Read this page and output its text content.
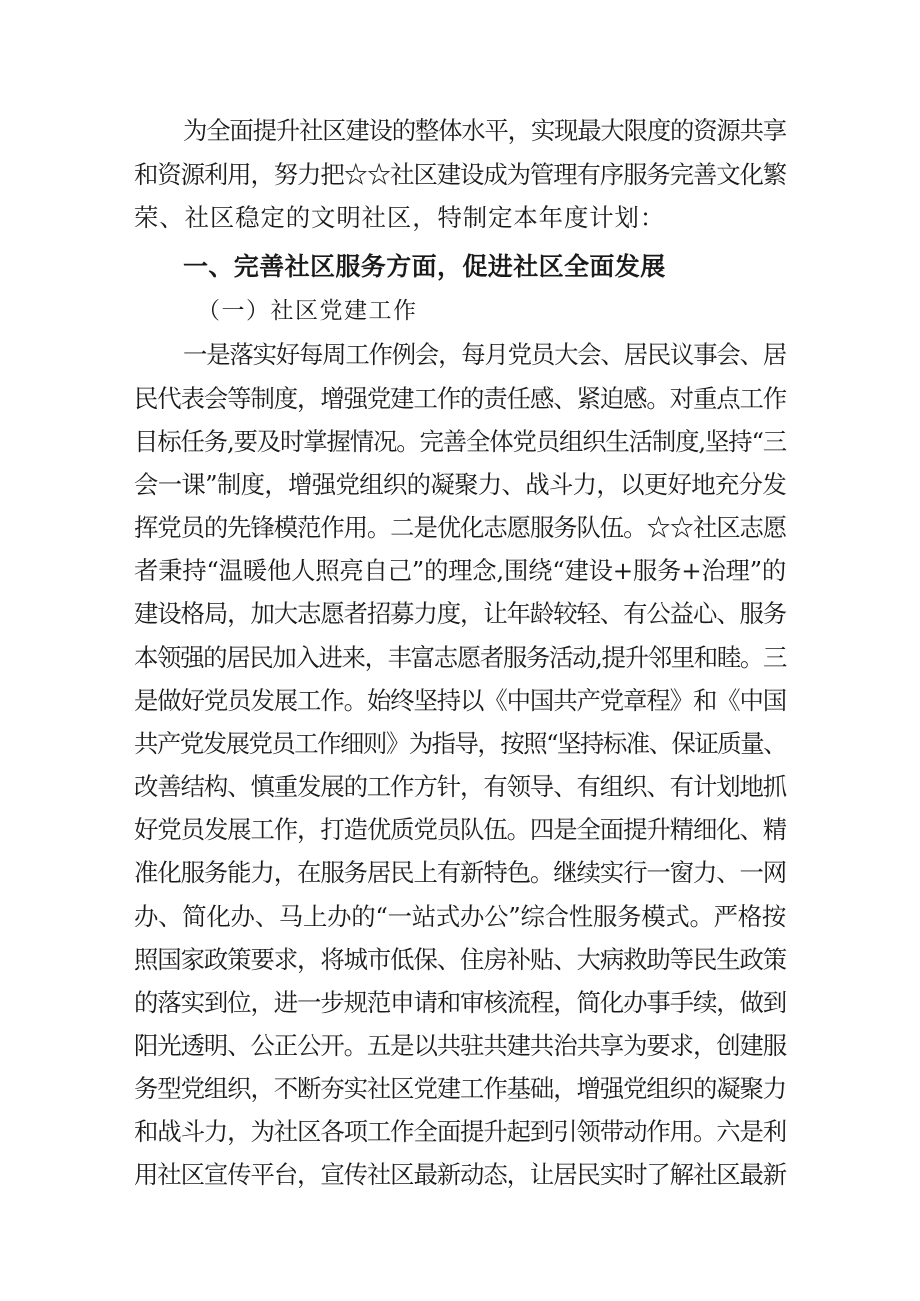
为全面提升社区建设的整体水平，实现最大限度的资源共享
和资源利用，努力把☆☆社区建设成为管理有序服务完善文化繁
荣、社区稳定的文明社区，特制定本年度计划：
一、完善社区服务方面，促进社区全面发展
（一）社区党建工作
一是落实好每周工作例会，每月党员大会、居民议事会、居
民代表会等制度，增强党建工作的责任感、紧迫感。对重点工作
目标任务,要及时掌握情况。完善全体党员组织生活制度,坚持“三
会一课”制度，增强党组织的凝聚力、战斗力，以更好地充分发
挥党员的先锋模范作用。二是优化志愿服务队伍。☆☆社区志愿
者秉持“温暖他人照亮自己”的理念,围绕“建设+服务+治理”的
建设格局，加大志愿者招募力度，让年龄较轻、有公益心、服务
本领强的居民加入进来，丰富志愿者服务活动,提升邻里和睦。三
是做好党员发展工作。始终坚持以《中国共产党章程》和《中国
共产党发展党员工作细则》为指导，按照“坚持标准、保证质量、
改善结构、慎重发展的工作方针，有领导、有组织、有计划地抓
好党员发展工作，打造优质党员队伍。四是全面提升精细化、精
准化服务能力，在服务居民上有新特色。继续实行一窗力、一网
办、简化办、马上办的“一站式办公”综合性服务模式。严格按
照国家政策要求，将城市低保、住房补贴、大病救助等民生政策
的落实到位，进一步规范申请和审核流程，简化办事手续，做到
阳光透明、公正公开。五是以共驻共建共治共享为要求，创建服
务型党组织，不断夯实社区党建工作基础，增强党组织的凝聚力
和战斗力，为社区各项工作全面提升起到引领带动作用。六是利
用社区宣传平台，宣传社区最新动态，让居民实时了解社区最新
